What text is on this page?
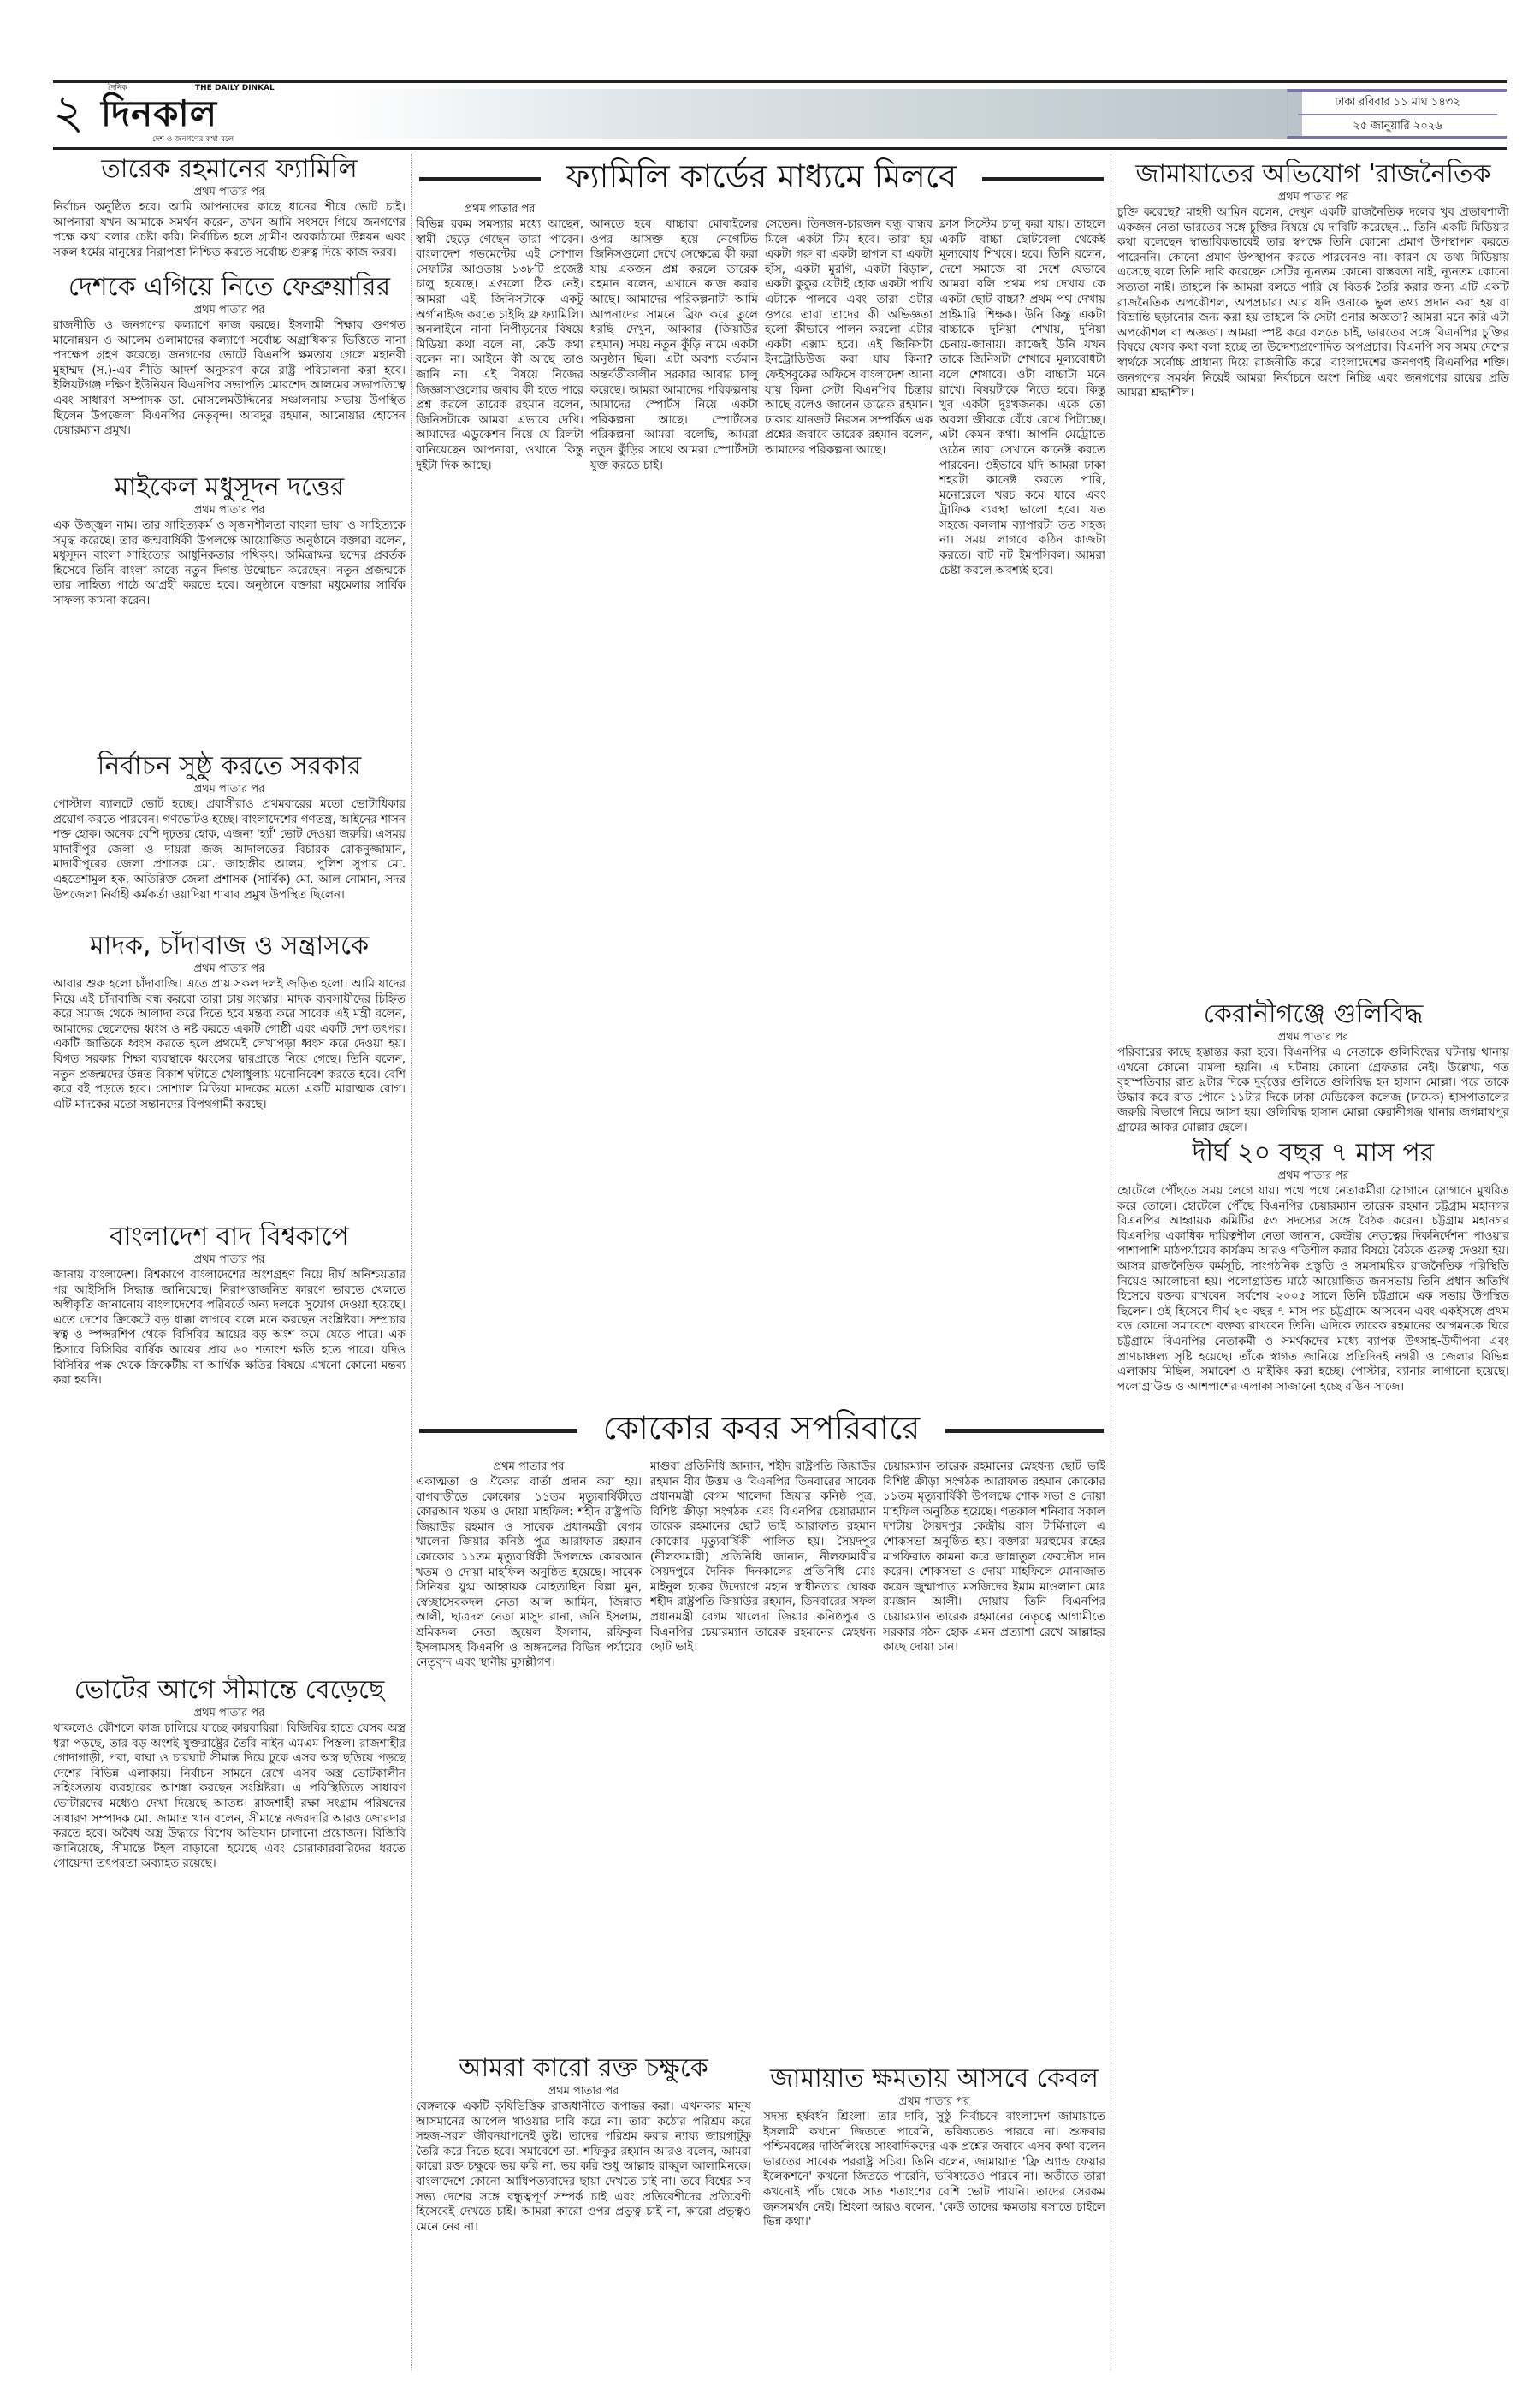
২	দৈনিক	THE DAILY DINKAL
দিনকাল
দেশ ও জনগণের কথা বলে
ঢাকা রবিবার ১১ মাঘ ১৪৩২
২৫ জানুয়ারি ২০২৬
তারেক রহমানের ফ্যামিলি
প্রথম পাতার পর

নির্বাচন অনুষ্ঠিত হবে। আমি আপনাদের কাছে ধানের শীষে ভোট চাই। আপনারা যখন আমাকে সমর্থন করেন, তখন আমি সংসদে গিয়ে জনগণের পক্ষে কথা বলার চেষ্টা করি। নির্বাচিত হলে গ্রামীণ অবকাঠামো উন্নয়ন এবং সকল ধর্মের মানুষের নিরাপত্তা নিশ্চিত করতে সর্বোচ্চ গুরুত্ব দিয়ে কাজ করব।

দেশকে এগিয়ে নিতে ফেব্রুয়ারির
প্রথম পাতার পর

রাজনীতি ও জনগণের কল্যাণে কাজ করছে। ইসলামী শিক্ষার গুণগত মানোন্নয়ন ও আলেম ওলামাদের কল্যাণে সর্বোচ্চ অগ্রাধিকার ভিত্তিতে নানা পদক্ষেপ গ্রহণ করেছে। জনগণের ভোটে বিএনপি ক্ষমতায় গেলে মহানবী মুহাম্মদ (স.)-এর নীতি আদর্শ অনুসরণ করে রাষ্ট্র পরিচালনা করা হবে। ইলিয়টগঞ্জ দক্ষিণ ইউনিয়ন বিএনপির সভাপতি মোরশেদ আলমের সভাপতিত্বে এবং সাধারণ সম্পাদক ডা. মোসলেমউদ্দিনের সঞ্চালনায় সভায় উপস্থিত ছিলেন উপজেলা বিএনপির নেতৃবৃন্দ। আবদুর রহমান, আনোয়ার হোসেন চেয়ারম্যান প্রমুখ।

মাইকেল মধুসূদন দত্তের
প্রথম পাতার পর

এক উজ্জ্বল নাম। তার সাহিত্যকর্ম ও সৃজনশীলতা বাংলা ভাষা ও সাহিত্যকে সমৃদ্ধ করেছে। তার জন্মবার্ষিকী উপলক্ষে আয়োজিত অনুষ্ঠানে বক্তারা বলেন, মধুসূদন বাংলা সাহিত্যের আধুনিকতার পথিকৃৎ। অমিত্রাক্ষর ছন্দের প্রবর্তক হিসেবে তিনি বাংলা কাব্যে নতুন দিগন্ত উন্মোচন করেছেন। নতুন প্রজন্মকে তার সাহিত্য পাঠে আগ্রহী করতে হবে। অনুষ্ঠানে বক্তারা মধুমেলার সার্বিক সাফল্য কামনা করেন।

নির্বাচন সুষ্ঠু করতে সরকার
প্রথম পাতার পর

পোস্টাল ব্যালটে ভোট হচ্ছে। প্রবাসীরাও প্রথমবারের মতো ভোটাধিকার প্রয়োগ করতে পারবেন। গণভোটও হচ্ছে। বাংলাদেশের গণতন্ত্র, আইনের শাসন শক্ত হোক। অনেক বেশি দৃঢ়তর হোক, এজন্য 'হ্যাঁ' ভোট দেওয়া জরুরি। এসময় মাদারীপুর জেলা ও দায়রা জজ আদালতের বিচারক রোকনুজ্জামান, মাদারীপুরের জেলা প্রশাসক মো. জাহাঙ্গীর আলম, পুলিশ সুপার মো. এহতেশামুল হক, অতিরিক্ত জেলা প্রশাসক (সার্বিক) মো. আল নোমান, সদর উপজেলা নির্বাহী কর্মকর্তা ওয়াদিয়া শাবাব প্রমুখ উপস্থিত ছিলেন।

মাদক, চাঁদাবাজ ও সন্ত্রাসকে
প্রথম পাতার পর

আবার শুরু হলো চাঁদাবাজি। এতে প্রায় সকল দলই জড়িত হলো। আমি যাদের নিয়ে এই চাঁদাবাজি বন্ধ করবো তারা চায় সংস্কার। মাদক ব্যবসায়ীদের চিহ্নিত করে সমাজ থেকে আলাদা করে দিতে হবে মন্তব্য করে সাবেক এই মন্ত্রী বলেন, আমাদের ছেলেদের ধ্বংস ও নষ্ট করতে একটি গোষ্ঠী এবং একটি দেশ তৎপর। একটি জাতিকে ধ্বংস করতে হলে প্রথমেই লেখাপড়া ধ্বংস করে দেওয়া হয়। বিগত সরকার শিক্ষা ব্যবস্থাকে ধ্বংসের দ্বারপ্রান্তে নিয়ে গেছে। তিনি বলেন, নতুন প্রজন্মদের উন্নত বিকাশ ঘটাতে খেলাধুলায় মনোনিবেশ করতে হবে। বেশি করে বই পড়তে হবে। সোশ্যাল মিডিয়া মাদকের মতো একটি মারাত্মক রোগ। এটি মাদকের মতো সন্তানদের বিপথগামী করছে।

বাংলাদেশ বাদ বিশ্বকাপে
প্রথম পাতার পর

জানায় বাংলাদেশ। বিশ্বকাপে বাংলাদেশের অংশগ্রহণ নিয়ে দীর্ঘ অনিশ্চয়তার পর আইসিসি সিদ্ধান্ত জানিয়েছে। নিরাপত্তাজনিত কারণে ভারতে খেলতে অস্বীকৃতি জানানোয় বাংলাদেশের পরিবর্তে অন্য দলকে সুযোগ দেওয়া হয়েছে। এতে দেশের ক্রিকেটে বড় ধাক্কা লাগবে বলে মনে করছেন সংশ্লিষ্টরা। সম্প্রচার স্বত্ব ও স্পন্সরশিপ থেকে বিসিবির আয়ের বড় অংশ কমে যেতে পারে। এক হিসাবে বিসিবির বার্ষিক আয়ের প্রায় ৬০ শতাংশ ক্ষতি হতে পারে। যদিও বিসিবির পক্ষ থেকে ক্রিকেটীয় বা আর্থিক ক্ষতির বিষয়ে এখনো কোনো মন্তব্য করা হয়নি।

ভোটের আগে সীমান্তে বেড়েছে
প্রথম পাতার পর

থাকলেও কৌশলে কাজ চালিয়ে যাচ্ছে কারবারিরা। বিজিবির হাতে যেসব অস্ত্র ধরা পড়ছে, তার বড় অংশই যুক্তরাষ্ট্রের তৈরি নাইন এমএম পিস্তল। রাজশাহীর গোদাগাড়ী, পবা, বাঘা ও চারঘাট সীমান্ত দিয়ে ঢুকে এসব অস্ত্র ছড়িয়ে পড়ছে দেশের বিভিন্ন এলাকায়। নির্বাচন সামনে রেখে এসব অস্ত্র ভোটকালীন সহিংসতায় ব্যবহারের আশঙ্কা করছেন সংশ্লিষ্টরা। এ পরিস্থিতিতে সাধারণ ভোটারদের মধ্যেও দেখা দিয়েছে আতঙ্ক। রাজশাহী রক্ষা সংগ্রাম পরিষদের সাধারণ সম্পাদক মো. জামাত খান বলেন, সীমান্তে নজরদারি আরও জোরদার করতে হবে। অবৈধ অস্ত্র উদ্ধারে বিশেষ অভিযান চালানো প্রয়োজন। বিজিবি জানিয়েছে, সীমান্তে টহল বাড়ানো হয়েছে এবং চোরাকারবারিদের ধরতে গোয়েন্দা তৎপরতা অব্যাহত রয়েছে।

ফ্যামিলি কার্ডের মাধ্যমে মিলবে
প্রথম পাতার পর

বিভিন্ন রকম সমস্যার মধ্যে আছেন, স্বামী ছেড়ে গেছেন তারা পাবেন। বাংলাদেশ গভমেন্টের এই সোশাল সেফটির আওতায় ১৩৮টি প্রজেক্ট চালু হয়েছে। এগুলো ঠিক নেই। আমরা এই জিনিসটাকে একটু অর্গানাইজ করতে চাইছি থ্রু ফ্যামিলি। অনলাইনে নানা নিপীড়নের বিষয়ে মিডিয়া কথা বলে না, কেউ কথা বলেন না। আইনে কী আছে তাও জানি না। এই বিষয়ে নিজের জিজ্ঞাসাগুলোর জবাব কী হতে পারে প্রশ্ন করলে তারেক রহমান বলেন, জিনিসটাকে আমরা এভাবে দেখি। আমাদের এডুকেশন নিয়ে যে রিলটা বানিয়েছেন আপনারা, ওখানে কিন্তু দুইটা দিক আছে।

আনতে হবে। বাচ্চারা মোবাইলের ওপর আসক্ত হয়ে নেগেটিভ জিনিসগুলো দেখে সেক্ষেত্রে কী করা যায় একজন প্রশ্ন করলে তারেক রহমান বলেন, এখানে কাজ করার আছে। আমাদের পরিকল্পনাটা আমি আপনাদের সামনে ব্রিফ করে তুলে ধরছি দেখুন, আব্বার (জিয়াউর রহমান) সময় নতুন কুঁড়ি নামে একটা অনুষ্ঠান ছিল। এটা অবশ্য বর্তমান অন্তর্বর্তীকালীন সরকার আবার চালু করেছে। আমরা আমাদের পরিকল্পনায় আমাদের স্পোর্টস নিয়ে একটা পরিকল্পনা আছে। স্পোর্টসের পরিকল্পনা আমরা বলেছি, আমরা নতুন কুঁড়ির সাথে আমরা স্পোর্টসটা যুক্ত করতে চাই।

সেতেন। তিনজন-চারজন বন্ধু বান্ধব মিলে একটা টিম হবে। তারা হয় একটা গরু বা একটা ছাগল বা একটা হাঁস, একটা মুরগি, একটা বিড়াল, একটা কুকুর যেটাই হোক একটা পাখি এটাকে পালবে এবং তারা ওটার ওপরে তারা তাদের কী অভিজ্ঞতা হলো কীভাবে পালন করলো এটার একটা এক্সাম হবে। এই জিনিসটা ইনট্রোডিউজ করা যায় কিনা? ফেইসবুকের অফিসে বাংলাদেশ আনা যায় কিনা সেটা বিএনপির চিন্তায় আছে বলেও জানেন তারেক রহমান। ঢাকার যানজট নিরসন সম্পর্কিত এক প্রশ্নের জবাবে তারেক রহমান বলেন, আমাদের পরিকল্পনা আছে।

ক্লাস সিস্টেম চালু করা যায়। তাহলে একটি বাচ্চা ছোটবেলা থেকেই মূল্যবোধ শিখবে। হবে। তিনি বলেন, দেশে সমাজে বা দেশে যেভাবে আমরা বলি প্রথম পথ দেখায় কে একটা ছোট বাচ্চা? প্রথম পথ দেখায় প্রাইমারি শিক্ষক। উনি কিন্তু একটা বাচ্চাকে দুনিয়া শেখায়, দুনিয়া চেনায়-জানায়। কাজেই উনি যখন তাকে জিনিসটা শেখাবে মূল্যবোধটা বলে শেখাবে। ওটা বাচ্চাটা মনে রাখে। বিষয়টাকে নিতে হবে। কিন্তু খুব একটা দুঃখজনক। একে তো অবলা জীবকে বেঁধে রেখে পিটাচ্ছে। এটা কেমন কথা। আপনি মেট্রোতে ওঠেন তারা সেখানে কানেক্ট করতে পারবেন। ওইভাবে যদি আমরা ঢাকা শহরটা কানেক্ট করতে পারি, মনোরেলে খরচ কমে যাবে এবং ট্রাফিক ব্যবস্থা ভালো হবে। যত সহজে বললাম ব্যাপারটা তত সহজ না। সময় লাগবে কঠিন কাজটা করতে। বাট নট ইমপসিবল। আমরা চেষ্টা করলে অবশ্যই হবে।

কোকোর কবর সপরিবারে
প্রথম পাতার পর

একাত্মতা ও ঐক্যের বার্তা প্রদান করা হয়। বাগবাড়ীতে কোকোর ১১তম মৃত্যুবার্ষিকীতে কোরআন খতম ও দোয়া মাহফিল: শহীদ রাষ্ট্রপতি জিয়াউর রহমান ও সাবেক প্রধানমন্ত্রী বেগম খালেদা জিয়ার কনিষ্ঠ পুত্র আরাফাত রহমান কোকোর ১১তম মৃত্যুবার্ষিকী উপলক্ষে কোরআন খতম ও দোয়া মাহফিল অনুষ্ঠিত হয়েছে। সাবেক সিনিয়র যুগ্ম আহ্বায়ক মোহতাছিন বিল্লা মুন, স্বেচ্ছাসেবকদল নেতা আল আমিন, জিন্নাত আলী, ছাত্রদল নেতা মাসুদ রানা, জনি ইসলাম, শ্রমিকদল নেতা জুয়েল ইসলাম, রফিকুল ইসলামসহ বিএনপি ও অঙ্গদলের বিভিন্ন পর্যায়ের নেতৃবৃন্দ এবং স্থানীয় মুসল্লীগণ।

মাগুরা প্রতিনিধি জানান, শহীদ রাষ্ট্রপতি জিয়াউর রহমান বীর উত্তম ও বিএনপির তিনবারের সাবেক প্রধানমন্ত্রী বেগম খালেদা জিয়ার কনিষ্ঠ পুত্র, বিশিষ্ট ক্রীড়া সংগঠক এবং বিএনপির চেয়ারম্যান তারেক রহমানের ছোট ভাই আরাফাত রহমান কোকোর মৃত্যুবার্ষিকী পালিত হয়। সৈয়দপুর (নীলফামারী) প্রতিনিধি জানান, নীলফামারীর সৈয়দপুরে দৈনিক দিনকালের প্রতিনিধি মোঃ মাইনুল হকের উদ্যোগে মহান স্বাধীনতার ঘোষক শহীদ রাষ্ট্রপতি জিয়াউর রহমান, তিনবারের সফল প্রধানমন্ত্রী বেগম খালেদা জিয়ার কনিষ্ঠপুত্র ও বিএনপির চেয়ারম্যান তারেক রহমানের স্নেহধন্য ছোট ভাই।

চেয়ারম্যান তারেক রহমানের স্নেহধন্য ছোট ভাই বিশিষ্ট ক্রীড়া সংগঠক আরাফাত রহমান কোকোর ১১তম মৃত্যুবার্ষিকী উপলক্ষে শোক সভা ও দোয়া মাহফিল অনুষ্ঠিত হয়েছে। গতকাল শনিবার সকাল দশটায় সৈয়দপুর কেন্দ্রীয় বাস টার্মিনালে এ শোকসভা অনুষ্ঠিত হয়। বক্তারা মরহুমের রূহের মাগফিরাত কামনা করে জান্নাতুল ফেরদৌস দান করেন। শোকসভা ও দোয়া মাহফিলে মোনাজাত করেন জুম্মাপাড়া মসজিদের ইমাম মাওলানা মোঃ রমজান আলী। দোয়ায় তিনি বিএনপির চেয়ারম্যান তারেক রহমানের নেতৃত্বে আগামীতে সরকার গঠন হোক এমন প্রত্যাশা রেখে আল্লাহর কাছে দোয়া চান।

আমরা কারো রক্ত চক্ষুকে
প্রথম পাতার পর

বেঙ্গলকে একটি কৃষিভিত্তিক রাজধানীতে রূপান্তর করা। এখনকার মানুষ আসমানের আপেল খাওয়ার দাবি করে না। তারা কঠোর পরিশ্রম করে সহজ-সরল জীবনযাপনেই তুষ্ট। তাদের পরিশ্রম করার ন্যায্য জায়গাটুকু তৈরি করে দিতে হবে। সমাবেশে ডা. শফিকুর রহমান আরও বলেন, আমরা কারো রক্ত চক্ষুকে ভয় করি না, ভয় করি শুধু আল্লাহ রাব্বুল আলামিনকে। বাংলাদেশে কোনো আধিপত্যবাদের ছায়া দেখতে চাই না। তবে বিশ্বের সব সভ্য দেশের সঙ্গে বন্ধুত্বপূর্ণ সম্পর্ক চাই এবং প্রতিবেশীদের প্রতিবেশী হিসেবেই দেখতে চাই। আমরা কারো ওপর প্রভুত্ব চাই না, কারো প্রভুত্বও মেনে নেব না।

জামায়াত ক্ষমতায় আসবে কেবল
প্রথম পাতার পর

সদস্য হর্ষবর্ধন শ্রিংলা। তার দাবি, সুষ্ঠু নির্বাচনে বাংলাদেশ জামায়াতে ইসলামী কখনো জিততে পারেনি, ভবিষ্যতেও পারবে না। শুক্রবার পশ্চিমবঙ্গের দার্জিলিংয়ে সাংবাদিকদের এক প্রশ্নের জবাবে এসব কথা বলেন ভারতের সাবেক পররাষ্ট্র সচিব। তিনি বলেন, জামায়াত 'ফ্রি অ্যান্ড ফেয়ার ইলেকশনে' কখনো জিততে পারেনি, ভবিষ্যতেও পারবে না। অতীতে তারা কখনোই পাঁচ থেকে সাত শতাংশের বেশি ভোট পায়নি। তাদের সেরকম জনসমর্থন নেই। শ্রিংলা আরও বলেন, 'কেউ তাদের ক্ষমতায় বসাতে চাইলে ভিন্ন কথা।'

জামায়াতের অভিযোগ 'রাজনৈতিক
প্রথম পাতার পর

চুক্তি করেছে? মাহদী আমিন বলেন, দেখুন একটি রাজনৈতিক দলের খুব প্রভাবশালী একজন নেতা ভারতের সঙ্গে চুক্তির বিষয়ে যে দাবিটি করেছেন... তিনি একটি মিডিয়ার কথা বলেছেন স্বাভাবিকভাবেই তার স্বপক্ষে তিনি কোনো প্রমাণ উপস্থাপন করতে পারেননি। কোনো প্রমাণ উপস্থাপন করতে পারবেনও না। কারণ যে তথ্য মিডিয়ায় এসেছে বলে তিনি দাবি করেছেন সেটির ন্যূনতম কোনো বাস্তবতা নাই, ন্যূনতম কোনো সত্যতা নাই। তাহলে কি আমরা বলতে পারি যে বিতর্ক তৈরি করার জন্য এটি একটি রাজনৈতিক অপকৌশল, অপপ্রচার। আর যদি ওনাকে ভুল তথ্য প্রদান করা হয় বা বিভ্রান্তি ছড়ানোর জন্য করা হয় তাহলে কি সেটা ওনার অজ্ঞতা? আমরা মনে করি এটা অপকৌশল বা অজ্ঞতা। আমরা স্পষ্ট করে বলতে চাই, ভারতের সঙ্গে বিএনপির চুক্তির বিষয়ে যেসব কথা বলা হচ্ছে তা উদ্দেশ্যপ্রণোদিত অপপ্রচার। বিএনপি সব সময় দেশের স্বার্থকে সর্বোচ্চ প্রাধান্য দিয়ে রাজনীতি করে। বাংলাদেশের জনগণই বিএনপির শক্তি। জনগণের সমর্থন নিয়েই আমরা নির্বাচনে অংশ নিচ্ছি এবং জনগণের রায়ের প্রতি আমরা শ্রদ্ধাশীল।

কেরানীগঞ্জে গুলিবিদ্ধ
প্রথম পাতার পর

পরিবারের কাছে হস্তান্তর করা হবে। বিএনপির এ নেতাকে গুলিবিদ্ধের ঘটনায় থানায় এখনো কোনো মামলা হয়নি। এ ঘটনায় কোনো গ্রেফতার নেই। উল্লেখ্য, গত বৃহস্পতিবার রাত ৯টার দিকে দুর্বৃত্তের গুলিতে গুলিবিদ্ধ হন হাসান মোল্লা। পরে তাকে উদ্ধার করে রাত পৌনে ১১টার দিকে ঢাকা মেডিকেল কলেজ (ঢামেক) হাসপাতালের জরুরি বিভাগে নিয়ে আসা হয়। গুলিবিদ্ধ হাসান মোল্লা কেরানীগঞ্জ থানার জগন্নাথপুর গ্রামের আকর মোল্লার ছেলে।

দীর্ঘ ২০ বছর ৭ মাস পর
প্রথম পাতার পর

হোটেলে পৌঁছতে সময় লেগে যায়। পথে পথে নেতাকর্মীরা স্লোগানে স্লোগানে মুখরিত করে তোলে। হোটেলে পৌঁছে বিএনপির চেয়ারম্যান তারেক রহমান চট্টগ্রাম মহানগর বিএনপির আহ্বায়ক কমিটির ৫৩ সদস্যের সঙ্গে বৈঠক করেন। চট্টগ্রাম মহানগর বিএনপির একাধিক দায়িত্বশীল নেতা জানান, কেন্দ্রীয় নেতৃত্বের দিকনির্দেশনা পাওয়ার পাশাপাশি মাঠপর্যায়ের কার্যক্রম আরও গতিশীল করার বিষয়ে বৈঠকে গুরুত্ব দেওয়া হয়। আসন্ন রাজনৈতিক কর্মসূচি, সাংগঠনিক প্রস্তুতি ও সমসাময়িক রাজনৈতিক পরিস্থিতি নিয়েও আলোচনা হয়। পলোগ্রাউন্ড মাঠে আয়োজিত জনসভায় তিনি প্রধান অতিথি হিসেবে বক্তব্য রাখবেন। সর্বশেষ ২০০৫ সালে তিনি চট্টগ্রামে এক সভায় উপস্থিত ছিলেন। ওই হিসেবে দীর্ঘ ২০ বছর ৭ মাস পর চট্টগ্রামে আসবেন এবং একইসঙ্গে প্রথম বড় কোনো সমাবেশে বক্তব্য রাখবেন তিনি। এদিকে তারেক রহমানের আগমনকে ঘিরে চট্টগ্রামে বিএনপির নেতাকর্মী ও সমর্থকদের মধ্যে ব্যাপক উৎসাহ-উদ্দীপনা এবং প্রাণচাঞ্চল্য সৃষ্টি হয়েছে। তাঁকে স্বাগত জানিয়ে প্রতিদিনই নগরী ও জেলার বিভিন্ন এলাকায় মিছিল, সমাবেশ ও মাইকিং করা হচ্ছে। পোস্টার, ব্যানার লাগানো হয়েছে। পলোগ্রাউন্ড ও আশপাশের এলাকা সাজানো হচ্ছে রঙিন সাজে।
